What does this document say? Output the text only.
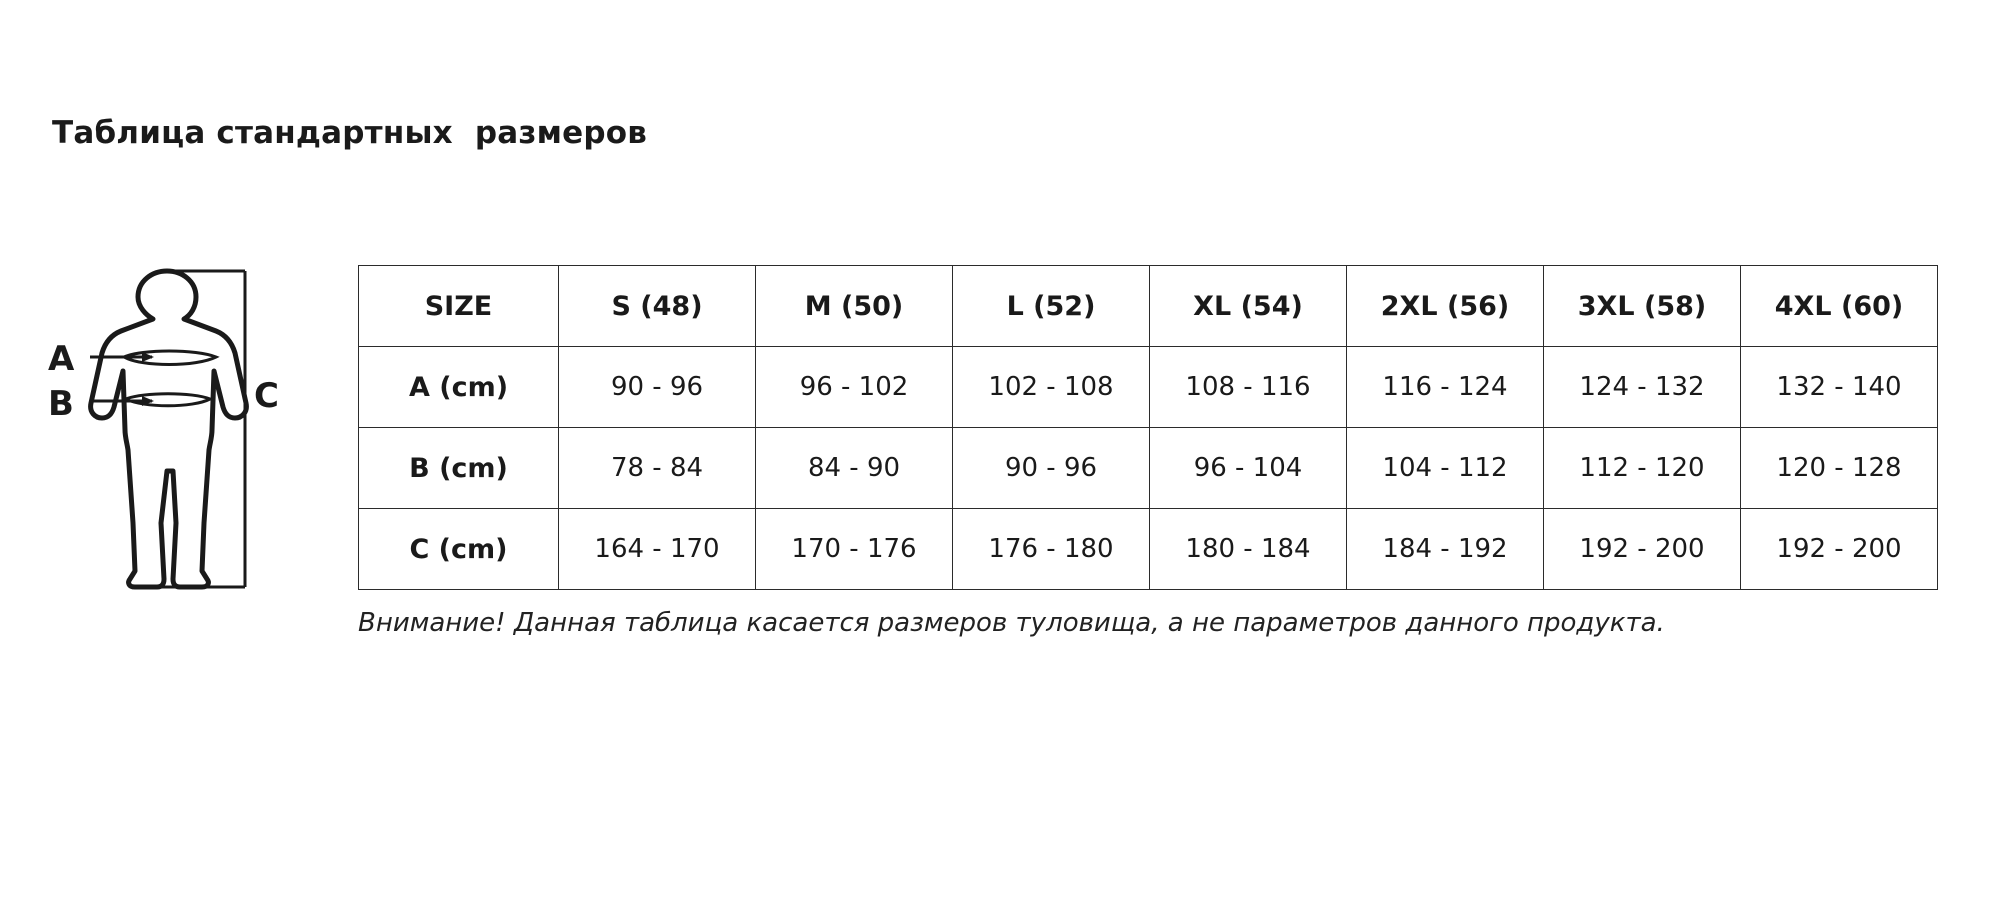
Таблица стандартных  размеров
A
B	C
SIZE	S (48)	M (50)	L (52)	XL (54)	2XL (56)	3XL (58)	4XL (60)
A (cm)	90 - 96	96 - 102	102 - 108	108 - 116	116 - 124	124 - 132	132 - 140
B (cm)	78 - 84	84 - 90	90 - 96	96 - 104	104 - 112	112 - 120	120 - 128
C (cm)	164 - 170	170 - 176	176 - 180	180 - 184	184 - 192	192 - 200	192 - 200
Внимание! Данная таблица касается размеров туловища, а не параметров данного продукта.
